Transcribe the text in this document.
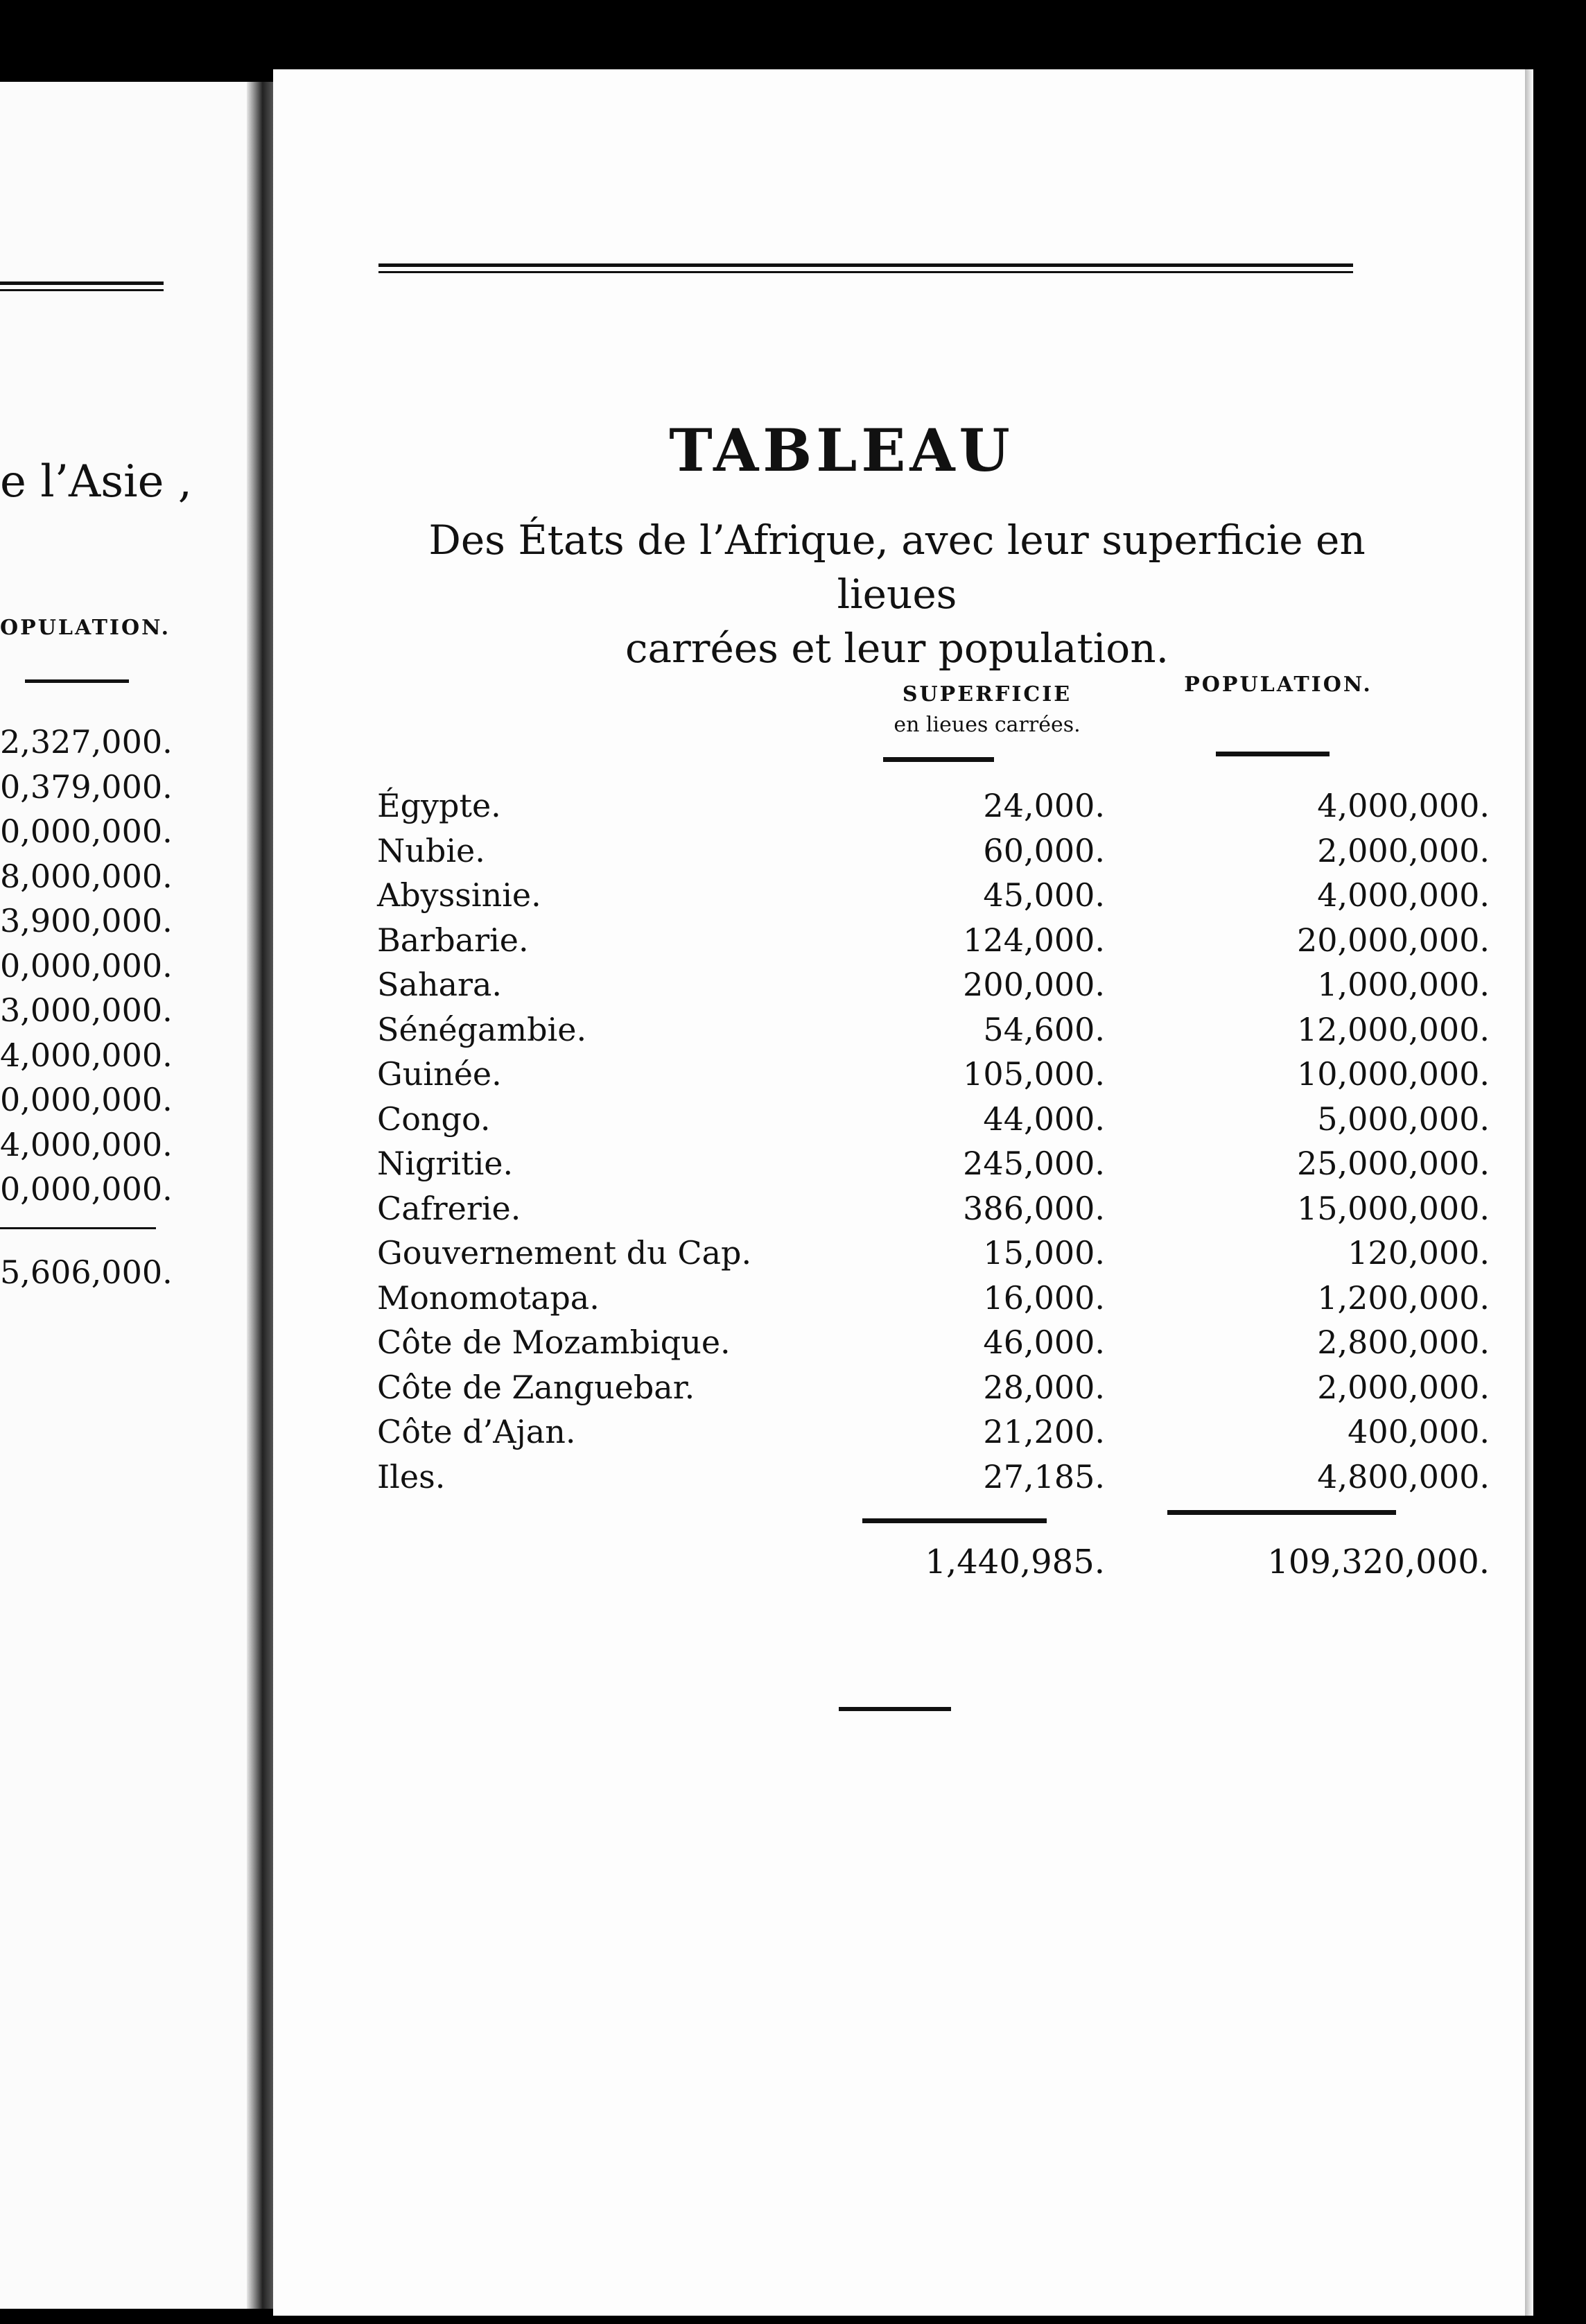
e l’Asie ,
OPULATION.
2,327,000.
0,379,000.
0,000,000.
8,000,000.
3,900,000.
0,000,000.
3,000,000.
4,000,000.
0,000,000.
4,000,000.
0,000,000.
5,606,000.
TABLEAU
Des États de l’Afrique, avec leur superficie en lieues
carrées et leur population.
SUPERFICIE
en lieues carrées.
POPULATION.
Égypte.	24,000.	4,000,000.
Nubie.	60,000.	2,000,000.
Abyssinie.	45,000.	4,000,000.
Barbarie.	124,000.	20,000,000.
Sahara.	200,000.	1,000,000.
Sénégambie.	54,600.	12,000,000.
Guinée.	105,000.	10,000,000.
Congo.	44,000.	5,000,000.
Nigritie.	245,000.	25,000,000.
Cafrerie.	386,000.	15,000,000.
Gouvernement du Cap.	15,000.	120,000.
Monomotapa.	16,000.	1,200,000.
Côte de Mozambique.	46,000.	2,800,000.
Côte de Zanguebar.	28,000.	2,000,000.
Côte d’Ajan.	21,200.	400,000.
Iles.	27,185.	4,800,000.
1,440,985.	109,320,000.
